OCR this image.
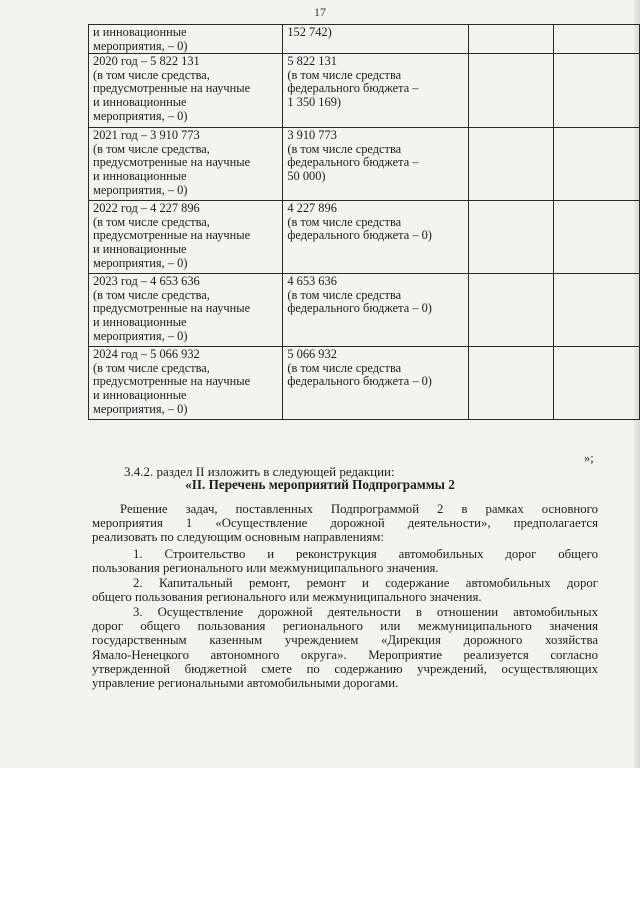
17
и инновационные
мероприятия, – 0)	152 742)		

2020 год – 5 822 131
(в том числе средства,
предусмотренные на научные
и инновационные
мероприятия, – 0)	5 822 131
(в том числе средства
федерального бюджета –
1 350 169)		

2021 год – 3 910 773
(в том числе средства,
предусмотренные на научные
и инновационные
мероприятия, – 0)	3 910 773
(в том числе средства
федерального бюджета –
50 000)		

2022 год – 4 227 896
(в том числе средства,
предусмотренные на научные
и инновационные
мероприятия, – 0)	4 227 896
(в том числе средства
федерального бюджета – 0)		

2023 год – 4 653 636
(в том числе средства,
предусмотренные на научные
и инновационные
мероприятия, – 0)	4 653 636
(в том числе средства
федерального бюджета – 0)		

2024 год – 5 066 932
(в том числе средства,
предусмотренные на научные
и инновационные
мероприятия, – 0)	5 066 932
(в том числе средства
федерального бюджета – 0)		

»;
3.4.2. раздел II изложить в следующей редакции:
«II. Перечень мероприятий Подпрограммы 2
Решение задач, поставленных Подпрограммой 2 в рамках основного
мероприятия 1 «Осуществление дорожной деятельности», предполагается
реализовать по следующим основным направлениям:
1. Строительство и реконструкция автомобильных дорог общего
пользования регионального или межмуниципального значения.
2. Капитальный ремонт, ремонт и содержание автомобильных дорог
общего пользования регионального или межмуниципального значения.
3. Осуществление дорожной деятельности в отношении автомобильных
дорог общего пользования регионального или межмуниципального значения
государственным казенным учреждением «Дирекция дорожного хозяйства
Ямало-Ненецкого автономного округа». Мероприятие реализуется согласно
утвержденной бюджетной смете по содержанию учреждений, осуществляющих
управление региональными автомобильными дорогами.
